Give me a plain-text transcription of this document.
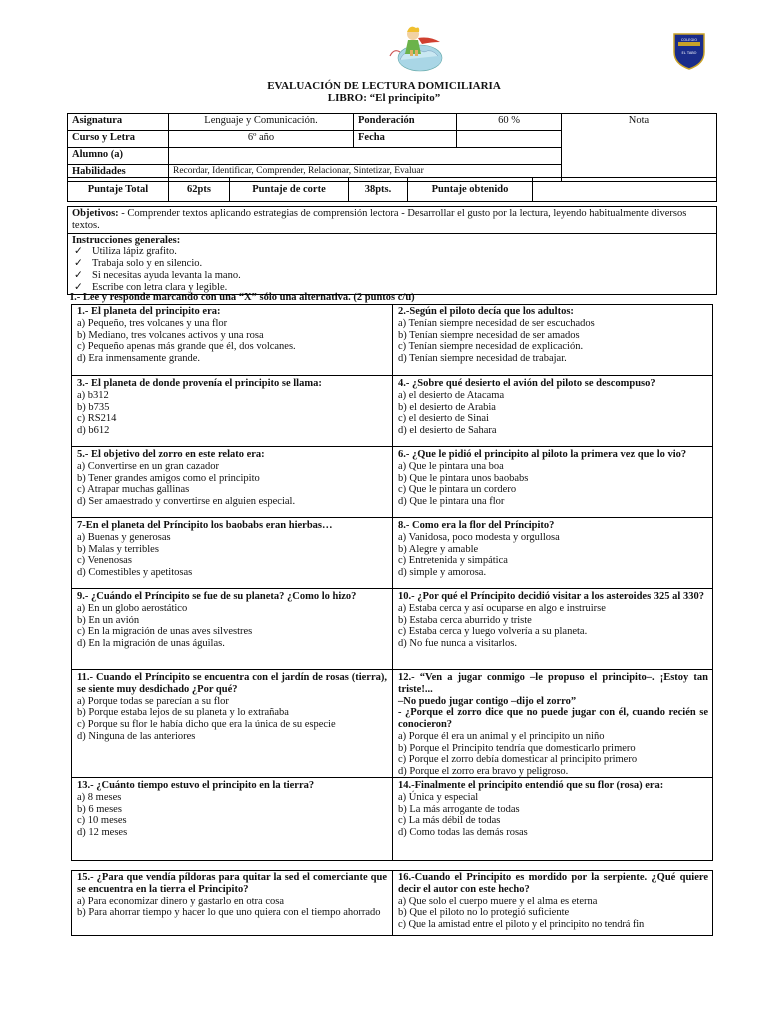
COLEGIO
EL TABO
EVALUACIÓN DE LECTURA DOMICILIARIA
LIBRO: “El principito”
Asignatura	Lenguaje y Comunicación.	Ponderación	60 %	Nota
Curso y Letra	6º año	Fecha		
Alumno (a)				
Habilidades	Recordar, Identificar, Comprender, Relacionar, Sintetizar, Evaluar			
Puntaje Total	62pts	Puntaje de corte	38pts.	Puntaje obtenido	
Objetivos: - Comprender textos aplicando estrategias de comprensión lectora - Desarrollar el gusto por la lectura, leyendo habitualmente diversos textos.

Instrucciones generales:
✓ Utiliza lápiz grafito.
✓ Trabaja solo y en silencio.
✓ Si necesitas ayuda levanta la mano.
✓ Escribe con letra clara y legible.
I.- Lee y responde marcando con una “X” sólo una alternativa. (2 puntos c/u)
1.- El planeta del principito era:
a) Pequeño, tres volcanes y una flor
b) Mediano, tres volcanes activos y una rosa
c) Pequeño apenas más grande que él, dos volcanes.
d) Era inmensamente grande.
2.-Según el piloto decía que los adultos:
a) Tenían siempre necesidad de ser escuchados
b) Tenían siempre necesidad de ser amados
c) Tenían siempre necesidad de explicación.
d) Tenían siempre necesidad de trabajar.
3.- El planeta de donde provenía el principito se llama:
a) b312
b) b735
c) RS214
d) b612
4.- ¿Sobre qué desierto el avión del piloto se descompuso?
a) el desierto de Atacama
b) el desierto de Arabia
c) el desierto de Sinai
d) el desierto de Sahara
5.- El objetivo del zorro en este relato era:
a) Convertirse en un gran cazador
b) Tener grandes amigos como el principito
c) Atrapar muchas gallinas
d) Ser amaestrado y convertirse en alguien especial.
6.- ¿Que le pidió el principito al piloto la primera vez que lo vio?
a) Que le pintara una boa
b) Que le pintara unos baobabs
c) Que le pintara un cordero
d) Que le pintara una flor
7-En el planeta del Príncipito los baobabs eran hierbas…
a) Buenas y generosas
b) Malas y terribles
c) Venenosas
d) Comestibles y apetitosas
8.- Como era la flor del Príncipito?
a) Vanidosa, poco modesta y orgullosa
b) Alegre y amable
c) Entretenida y simpática
d) simple y amorosa.
9.- ¿Cuándo el Príncipito se fue de su planeta? ¿Como lo hizo?
a) En un globo aerostático
b) En un avión
c) En la migración de unas aves silvestres
d) En la migración de unas águilas.
10.- ¿Por qué el Príncipito decidió visitar a los asteroides 325 al 330?
a) Estaba cerca y así ocuparse en algo e instruirse
b) Estaba cerca aburrido y triste
c) Estaba cerca y luego volvería a su planeta.
d) No fue nunca a visitarlos.
11.- Cuando el Príncipito se encuentra con el jardín de rosas (tierra), se siente muy desdichado ¿Por qué?
a) Porque todas se parecían a su flor
b) Porque estaba lejos de su planeta y lo extrañaba
c) Porque su flor le había dicho que era la única de su especie
d) Ninguna de las anteriores
12.- “Ven a jugar conmigo –le propuso el principito–. ¡Estoy tan triste!...
–No puedo jugar contigo –dijo el zorro”
- ¿Porque el zorro dice que no puede jugar con él, cuando recién se conocieron?
a) Porque él era un animal y el principito un niño
b) Porque el Principito tendría que domesticarlo primero
c) Porque el zorro debía domesticar al principito primero
d) Porque el zorro era bravo y peligroso.
13.- ¿Cuánto tiempo estuvo el principito en la tierra?
a) 8 meses
b) 6 meses
c) 10 meses
d) 12 meses
14.-Finalmente el principito entendió que su flor (rosa) era:
a) Única y especial
b) La más arrogante de todas
c) La más débil de todas
d) Como todas las demás rosas
15.- ¿Para que vendía píldoras para quitar la sed el comerciante que se encuentra en la tierra el Principito?
a) Para economizar dinero y gastarlo en otra cosa
b) Para ahorrar tiempo y hacer lo que uno quiera con el tiempo ahorrado
16.-Cuando el Principito es mordido por la serpiente. ¿Qué quiere decir el autor con este hecho?
a) Que solo el cuerpo muere y el alma es eterna
b) Que el piloto no lo protegió suficiente
c) Que la amistad entre el piloto y el principito no tendrá fin
